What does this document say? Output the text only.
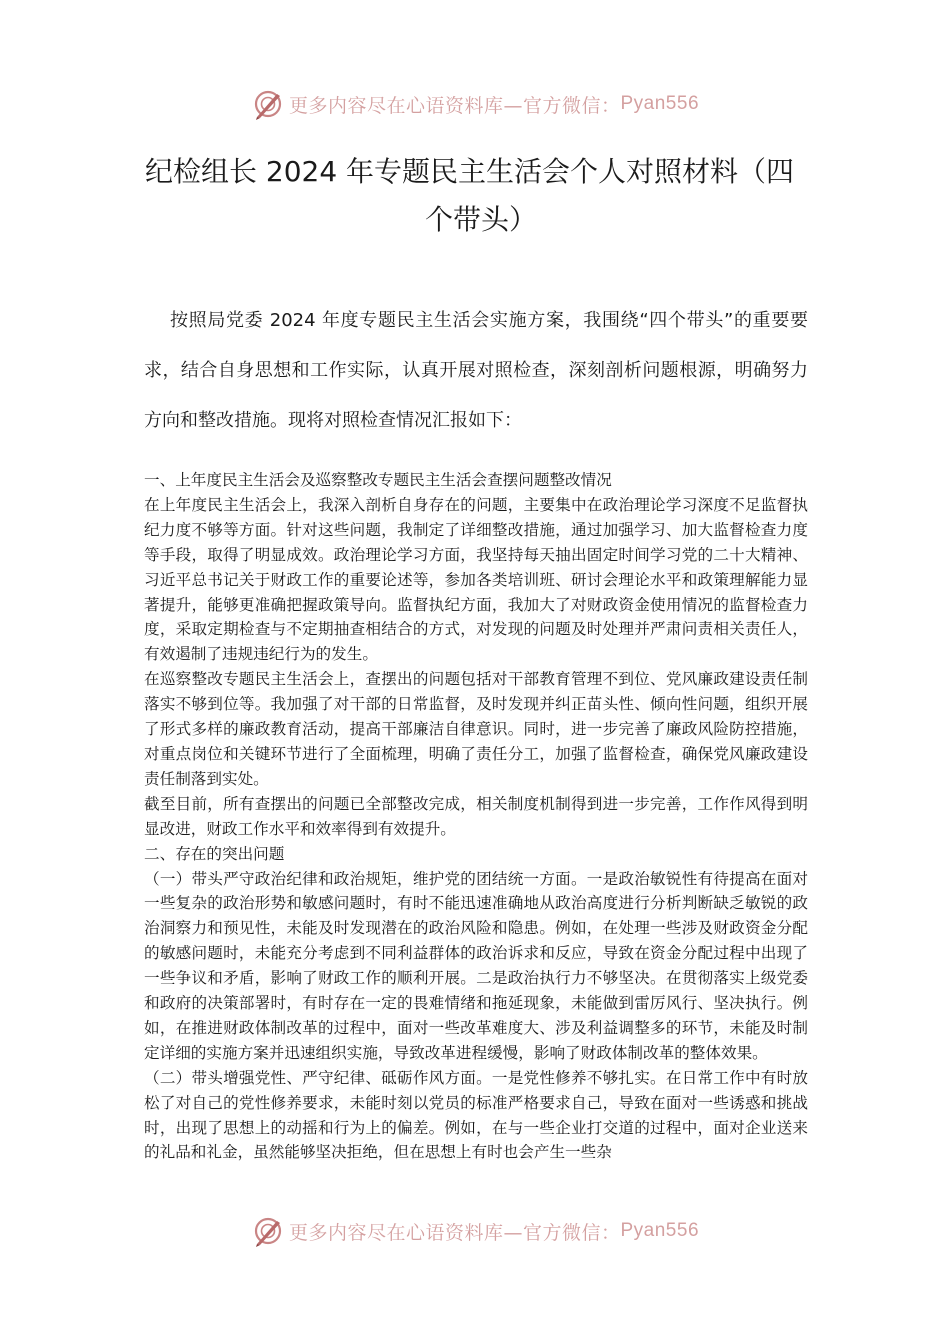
更多内容尽在心语资料库—官方微信： Pyan556
纪检组长 2024 年专题民主生活会个人对照材料（四
个带头）

按照局党委 2024 年度专题民主生活会实施方案，我围绕“四个带头”的重要要求，结合自身思想和工作实际，认真开展对照检查，深刻剖析问题根源，明确努力方向和整改措施。现将对照检查情况汇报如下：

一、上年度民主生活会及巡察整改专题民主生活会查摆问题整改情况

在上年度民主生活会上，我深入剖析自身存在的问题，主要集中在政治理论学习深度不足监督执纪力度不够等方面。针对这些问题，我制定了详细整改措施，通过加强学习、加大监督检查力度等手段，取得了明显成效。政治理论学习方面，我坚持每天抽出固定时间学习党的二十大精神、习近平总书记关于财政工作的重要论述等，参加各类培训班、研讨会理论水平和政策理解能力显著提升，能够更准确把握政策导向。监督执纪方面，我加大了对财政资金使用情况的监督检查力度，采取定期检查与不定期抽查相结合的方式，对发现的问题及时处理并严肃问责相关责任人，有效遏制了违规违纪行为的发生。

在巡察整改专题民主生活会上，查摆出的问题包括对干部教育管理不到位、党风廉政建设责任制落实不够到位等。我加强了对干部的日常监督，及时发现并纠正苗头性、倾向性问题，组织开展了形式多样的廉政教育活动，提高干部廉洁自律意识。同时，进一步完善了廉政风险防控措施，对重点岗位和关键环节进行了全面梳理，明确了责任分工，加强了监督检查，确保党风廉政建设责任制落到实处。

截至目前，所有查摆出的问题已全部整改完成，相关制度机制得到进一步完善，工作作风得到明显改进，财政工作水平和效率得到有效提升。

二、存在的突出问题

（一）带头严守政治纪律和政治规矩，维护党的团结统一方面。一是政治敏锐性有待提高在面对一些复杂的政治形势和敏感问题时，有时不能迅速准确地从政治高度进行分析判断缺乏敏锐的政治洞察力和预见性，未能及时发现潜在的政治风险和隐患。例如，在处理一些涉及财政资金分配的敏感问题时，未能充分考虑到不同利益群体的政治诉求和反应，导致在资金分配过程中出现了一些争议和矛盾，影响了财政工作的顺利开展。二是政治执行力不够坚决。在贯彻落实上级党委和政府的决策部署时，有时存在一定的畏难情绪和拖延现象，未能做到雷厉风行、坚决执行。例如，在推进财政体制改革的过程中，面对一些改革难度大、涉及利益调整多的环节，未能及时制定详细的实施方案并迅速组织实施，导致改革进程缓慢，影响了财政体制改革的整体效果。

（二）带头增强党性、严守纪律、砥砺作风方面。一是党性修养不够扎实。在日常工作中有时放松了对自己的党性修养要求，未能时刻以党员的标准严格要求自己，导致在面对一些诱惑和挑战时，出现了思想上的动摇和行为上的偏差。例如，在与一些企业打交道的过程中，面对企业送来的礼品和礼金，虽然能够坚决拒绝，但在思想上有时也会产生一些杂

更多内容尽在心语资料库—官方微信： Pyan556
